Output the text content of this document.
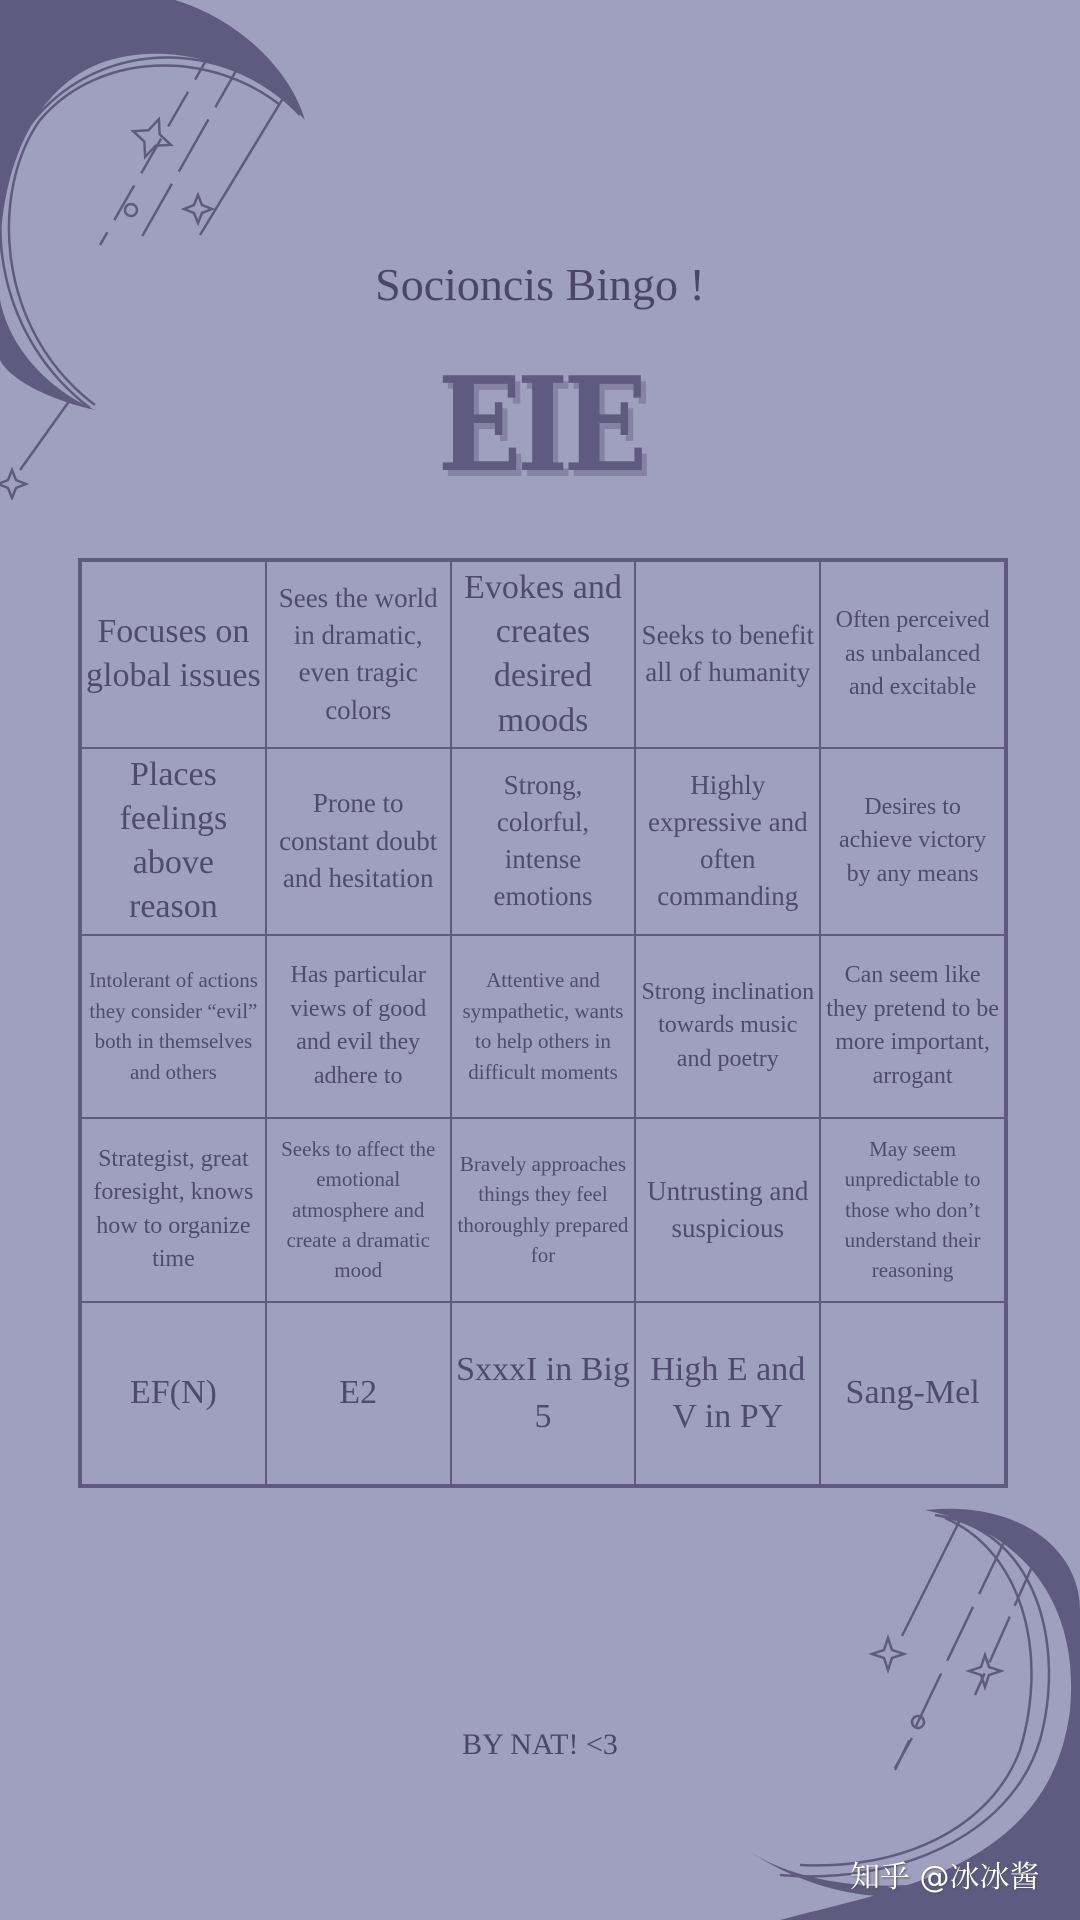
Socioncis Bingo !
EIE
Focuses on global issues
Sees the world in dramatic, even tragic colors
Evokes and creates desired moods
Seeks to benefit all of humanity
Often perceived as unbalanced and excitable
Places feelings above reason
Prone to constant doubt and hesitation
Strong, colorful, intense emotions
Highly expressive and often commanding
Desires to achieve victory by any means
Intolerant of actions they consider “evil” both in themselves and others
Has particular views of good and evil they adhere to
Attentive and sympathetic, wants to help others in difficult moments
Strong inclination towards music and poetry
Can seem like they pretend to be more important, arrogant
Strategist, great foresight, knows how to organize time
Seeks to affect the emotional atmosphere and create a dramatic mood
Bravely approaches things they feel thoroughly prepared for
Untrusting and suspicious
May seem unpredictable to those who don’t understand their reasoning
EF(N)	E2
SxxxI in Big 5
High E and V in PY
Sang-Mel
BY NAT! <3
知乎 @冰冰酱
